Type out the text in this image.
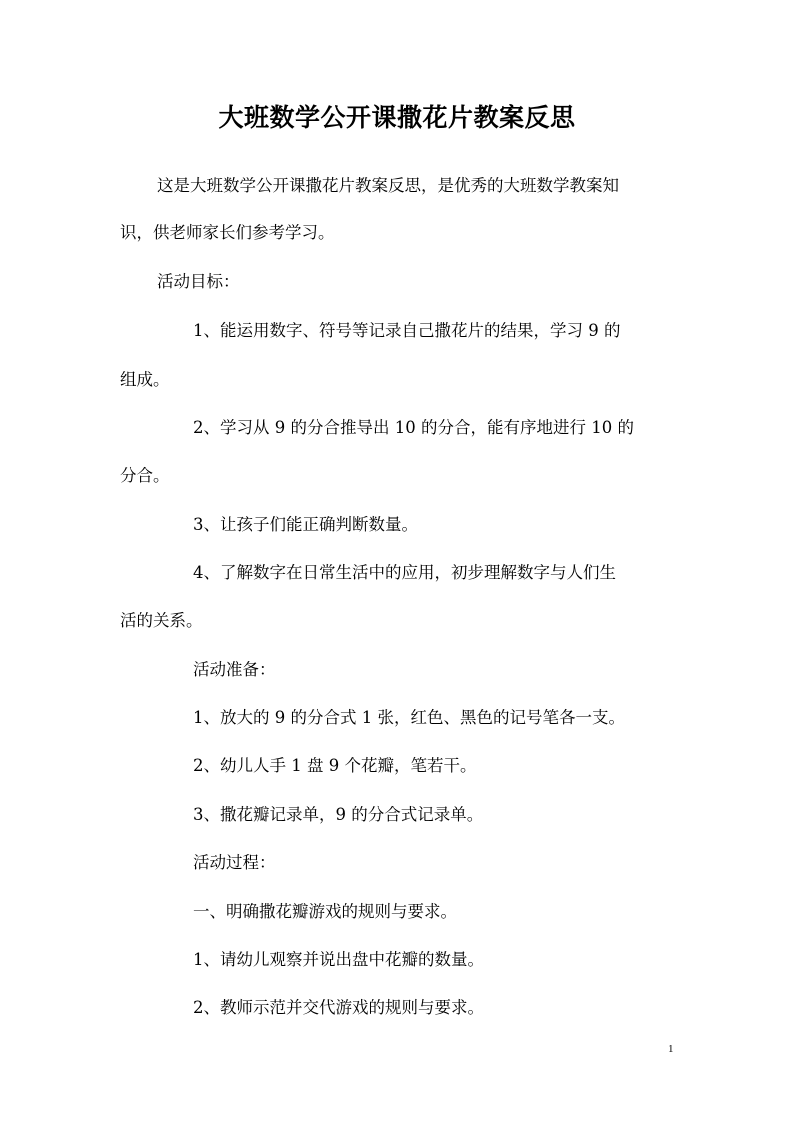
大班数学公开课撒花片教案反思
这是大班数学公开课撒花片教案反思，是优秀的大班数学教案知
识，供老师家长们参考学习。
活动目标：
1、能运用数字、符号等记录自己撒花片的结果，学习 9 的
组成。
2、学习从 9 的分合推导出 10 的分合，能有序地进行 10 的
分合。
3、让孩子们能正确判断数量。
4、了解数字在日常生活中的应用，初步理解数字与人们生
活的关系。
活动准备：
1、放大的 9 的分合式 1 张，红色、黑色的记号笔各一支。
2、幼儿人手 1 盘 9 个花瓣，笔若干。
3、撒花瓣记录单，9 的分合式记录单。
活动过程：
一、明确撒花瓣游戏的规则与要求。
1、请幼儿观察并说出盘中花瓣的数量。
2、教师示范并交代游戏的规则与要求。
1
